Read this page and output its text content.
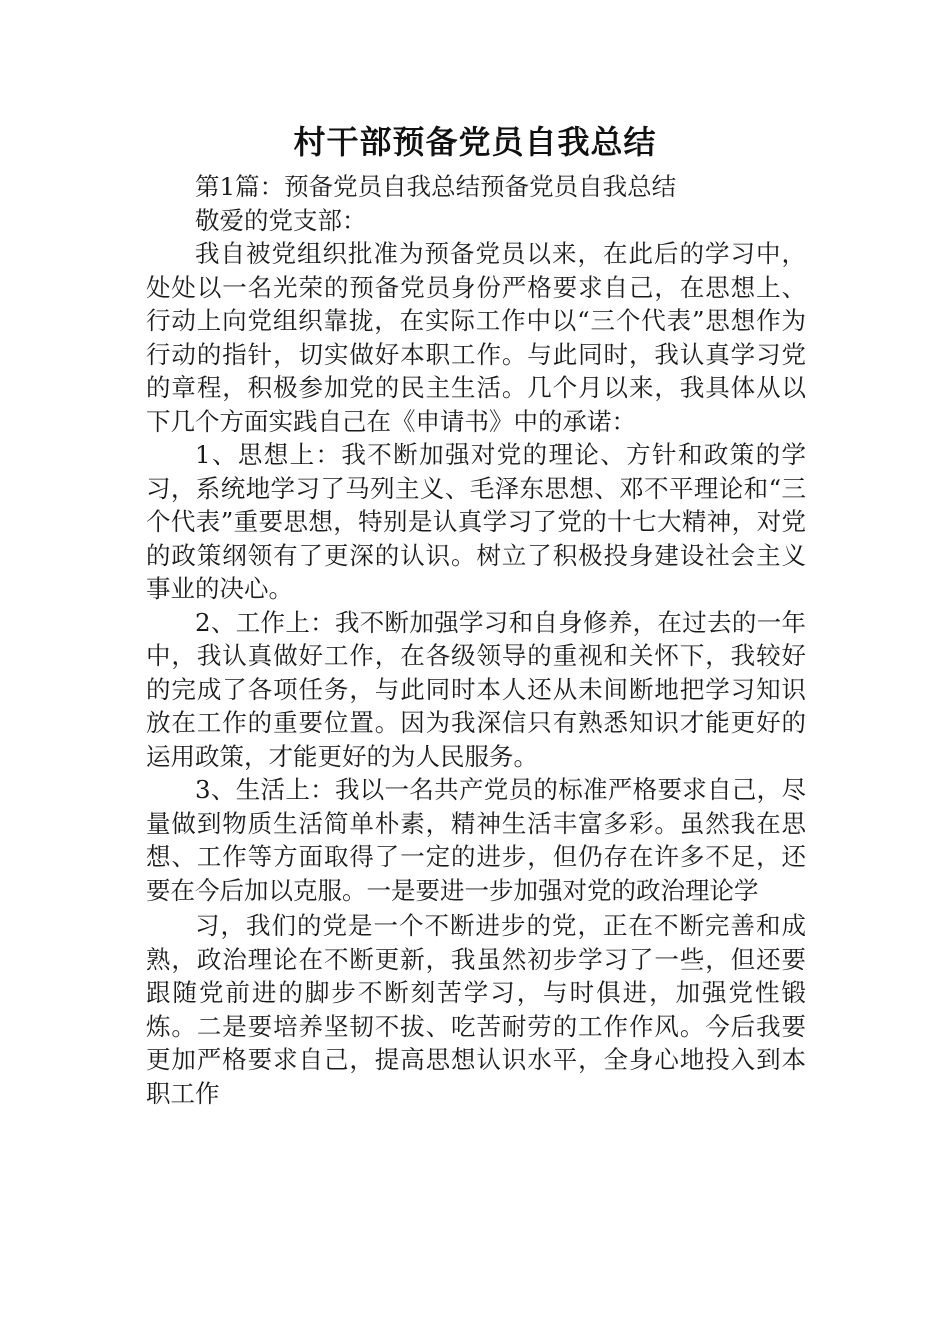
村干部预备党员自我总结

第1篇：预备党员自我总结预备党员自我总结

敬爱的党支部：

我自被党组织批准为预备党员以来，在此后的学习中，处处以一名光荣的预备党员身份严格要求自己，在思想上、行动上向党组织靠拢，在实际工作中以“三个代表”思想作为行动的指针，切实做好本职工作。与此同时，我认真学习党的章程，积极参加党的民主生活。几个月以来，我具体从以下几个方面实践自己在《申请书》中的承诺：

1、思想上：我不断加强对党的理论、方针和政策的学习，系统地学习了马列主义、毛泽东思想、邓不平理论和“三个代表”重要思想，特别是认真学习了党的十七大精神，对党的政策纲领有了更深的认识。树立了积极投身建设社会主义事业的决心。

2、工作上：我不断加强学习和自身修养，在过去的一年中，我认真做好工作，在各级领导的重视和关怀下，我较好的完成了各项任务，与此同时本人还从未间断地把学习知识放在工作的重要位置。因为我深信只有熟悉知识才能更好的运用政策，才能更好的为人民服务。

3、生活上：我以一名共产党员的标准严格要求自己，尽量做到物质生活简单朴素，精神生活丰富多彩。虽然我在思想、工作等方面取得了一定的进步，但仍存在许多不足，还要在今后加以克服。一是要进一步加强对党的政治理论学

习，我们的党是一个不断进步的党，正在不断完善和成熟，政治理论在不断更新，我虽然初步学习了一些，但还要跟随党前进的脚步不断刻苦学习，与时俱进，加强党性锻炼。二是要培养坚韧不拔、吃苦耐劳的工作作风。今后我要更加严格要求自己，提高思想认识水平，全身心地投入到本职工作
